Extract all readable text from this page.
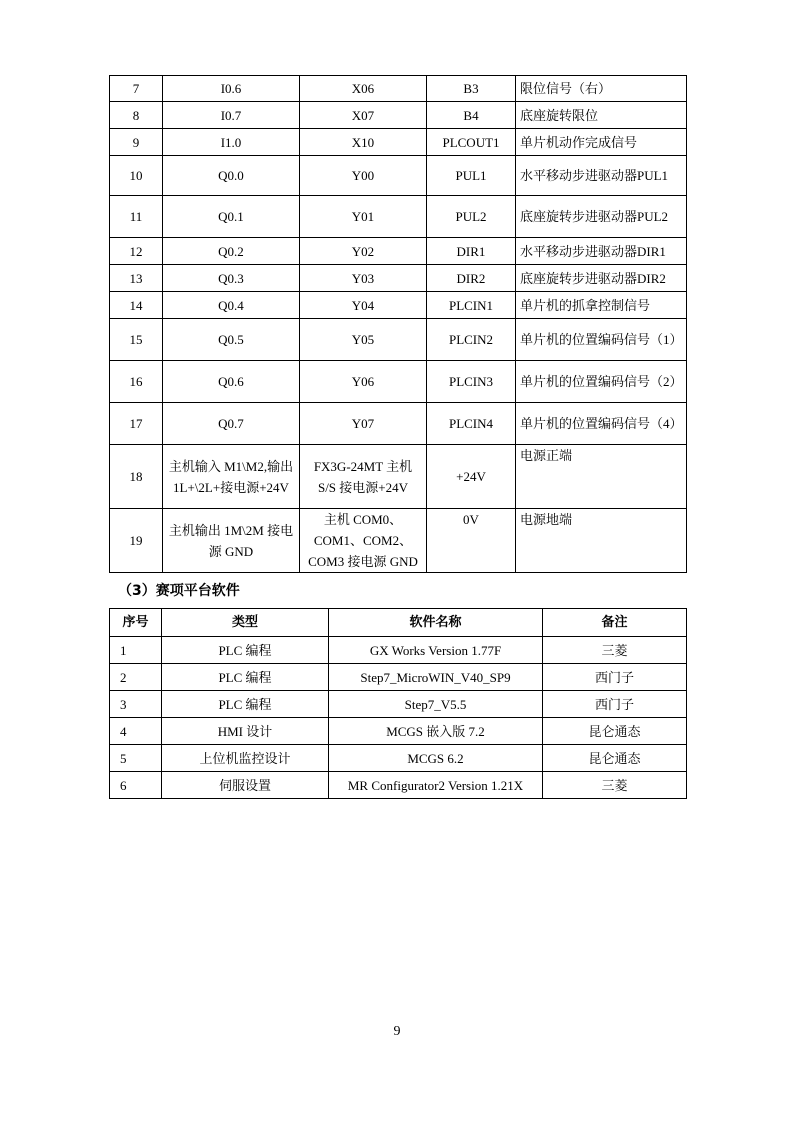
7	I0.6	X06	B3	限位信号（右）
8	I0.7	X07	B4	底座旋转限位
9	I1.0	X10	PLCOUT1	单片机动作完成信号
10	Q0.0	Y00	PUL1	水平移动步进驱动器PUL1
11	Q0.1	Y01	PUL2	底座旋转步进驱动器PUL2
12	Q0.2	Y02	DIR1	水平移动步进驱动器DIR1
13	Q0.3	Y03	DIR2	底座旋转步进驱动器DIR2
14	Q0.4	Y04	PLCIN1	单片机的抓拿控制信号
15	Q0.5	Y05	PLCIN2	单片机的位置编码信号（1）
16	Q0.6	Y06	PLCIN3	单片机的位置编码信号（2）
17	Q0.7	Y07	PLCIN4	单片机的位置编码信号（4）
18	主机输入 M1\M2,输出 1L+\2L+接电源+24V	FX3G-24MT 主机 S/S 接电源+24V	+24V	电源正端
19	主机输出 1M\2M 接电源 GND	主机 COM0、COM1、COM2、COM3 接电源 GND	0V	电源地端
（3）赛项平台软件
序号	类型	软件名称	备注
1	PLC 编程	GX Works Version 1.77F	三菱
2	PLC 编程	Step7_MicroWIN_V40_SP9	西门子
3	PLC 编程	Step7_V5.5	西门子
4	HMI 设计	MCGS 嵌入版 7.2	昆仑通态
5	上位机监控设计	MCGS 6.2	昆仑通态
6	伺服设置	MR Configurator2 Version 1.21X	三菱
9
